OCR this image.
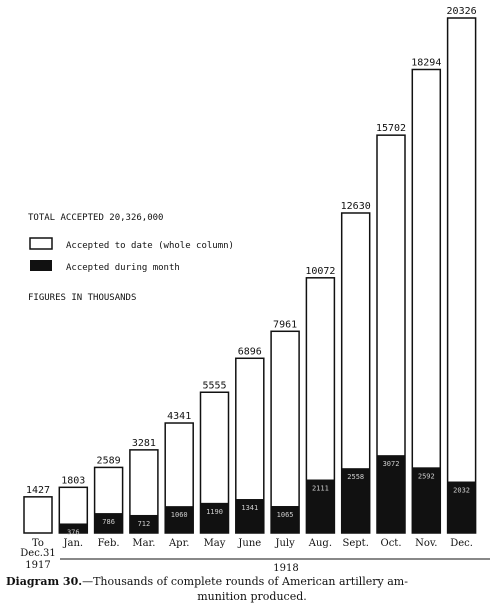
1427
To
Dec.31
376
1803
Jan.
786
2589
Feb.
712
3281
Mar.
1060
4341
Apr.
1190
5555
May
1341
6896
June
1065
7961
July
2111
10072
Aug.
2558
12630
Sept.
3072
15702
Oct.
2592
18294
Nov.
2032
20326
Dec.
TOTAL ACCEPTED 20,326,000
Accepted to date (whole column)
Accepted during month
FIGURES IN THOUSANDS
1918
1917
Diagram 30.—Thousands of complete rounds of American artillery am-
munition produced.
